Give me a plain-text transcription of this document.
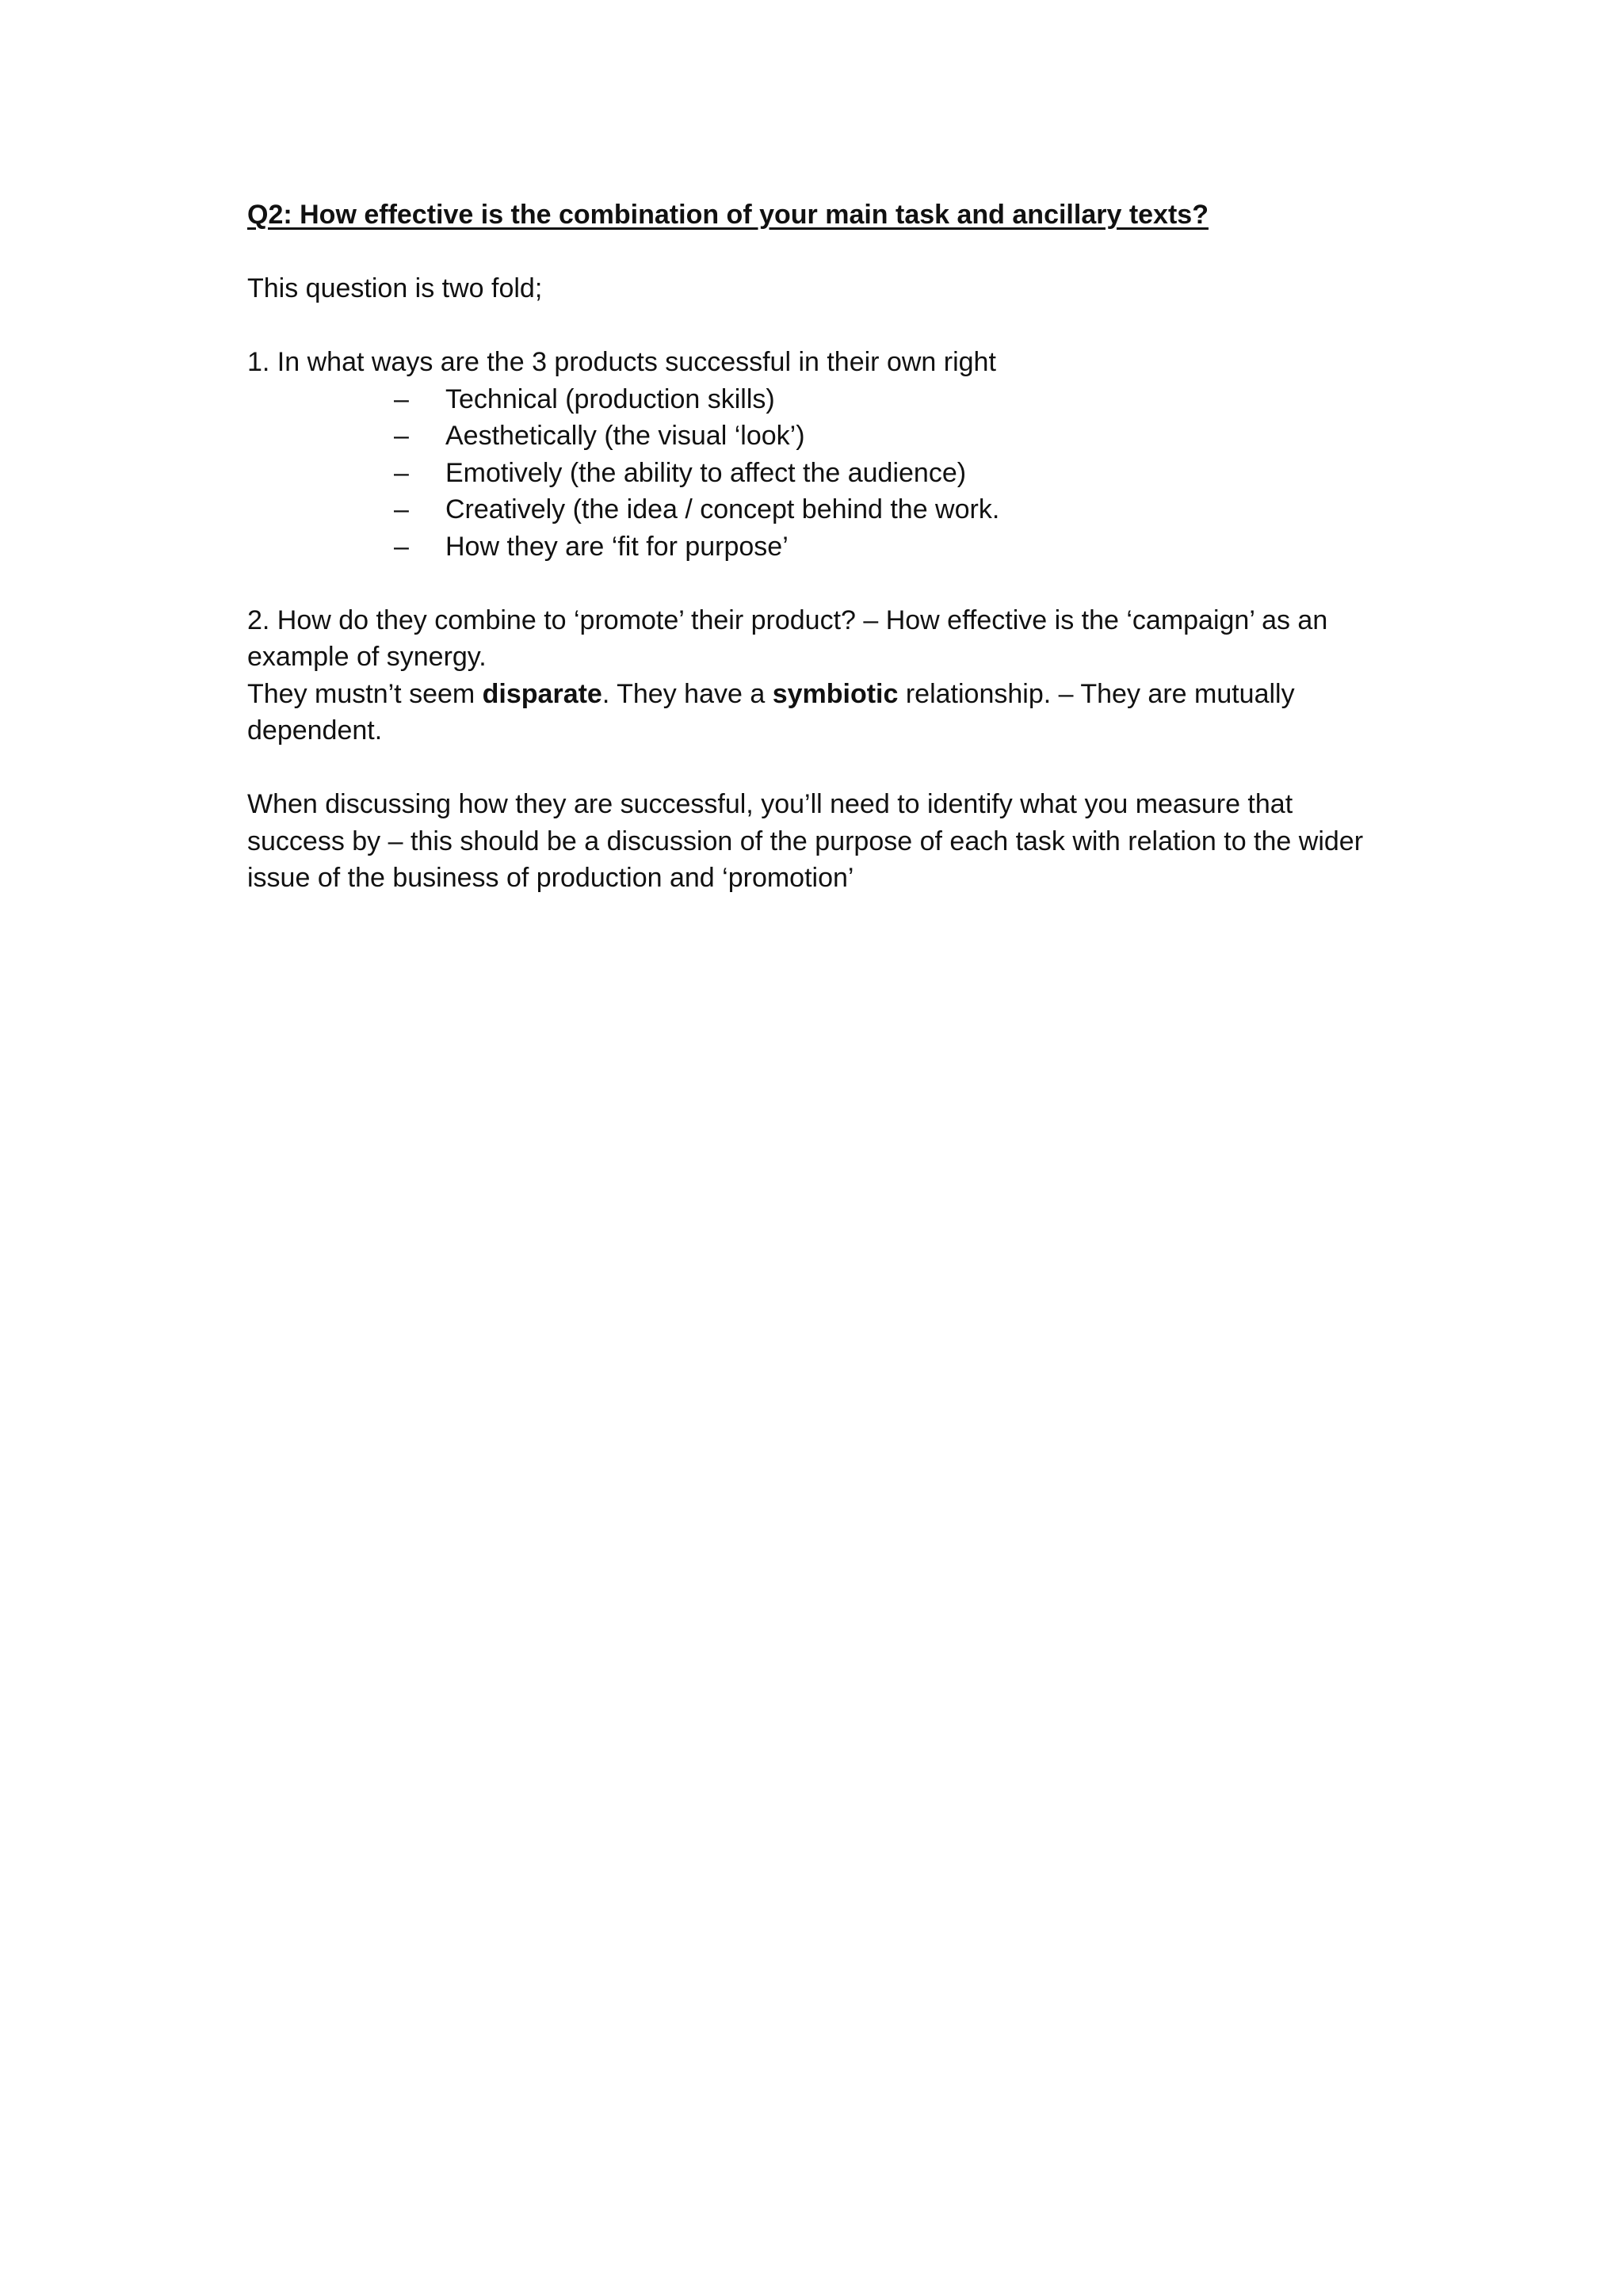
Q2: How effective is the combination of your main task and ancillary texts?

This question is two fold;

1. In what ways are the 3 products successful in their own right

– Technical (production skills)
– Aesthetically (the visual ‘look’)
– Emotively (the ability to affect the audience)
– Creatively (the idea / concept behind the work.
– How they are ‘fit for purpose’

2. How do they combine to ‘promote’ their product? – How effective is the ‘campaign’ as an example of synergy.

They mustn’t seem disparate. They have a symbiotic relationship. – They are mutually dependent.

When discussing how they are successful, you’ll need to identify what you measure that success by – this should be a discussion of the purpose of each task with relation to the wider issue of the business of production and ‘promotion’
